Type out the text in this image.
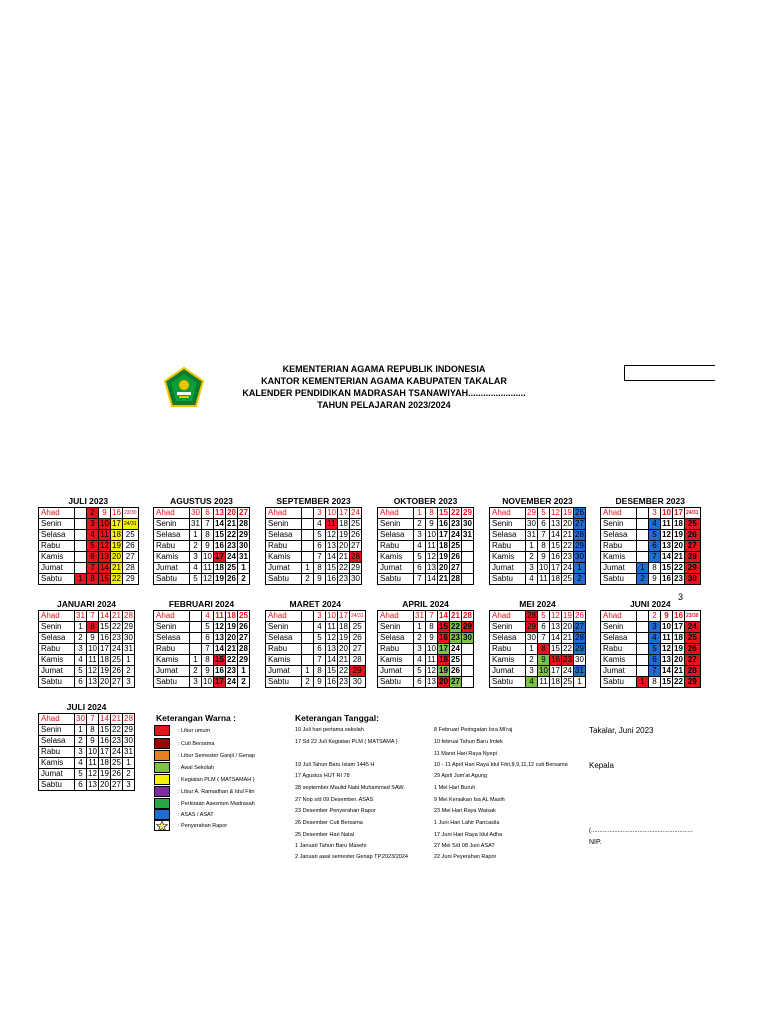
KEMENTERIAN AGAMA REPUBLIK INDONESIA
KANTOR KEMENTERIAN AGAMA KABUPATEN TAKALAR
KALENDER PENDIDIKAN MADRASAH TSANAWIYAH.......................
TAHUN PELAJARAN 2023/2024
JULI 2023
Ahad		2	9	16	23/30
Senin		3	10	17	24/31
Selasa		4	11	18	25
Rabu		5	12	19	26
Kamis		6	13	20	27
Jumat		7	14	21	28
Sabtu	1	8	15	22	29
AGUSTUS 2023
Ahad	30	6	13	20	27
Senin	31	7	14	21	28
Selasa	1	8	15	22	29
Rabu	2	9	16	23	30
Kamis	3	10	17	24	31
Jumat	4	11	18	25	1
Sabtu	5	12	19	26	2
SEPTEMBER 2023
Ahad		3	10	17	24
Senin		4	11	18	25
Selasa		5	12	19	26
Rabu		6	13	20	27
Kamis		7	14	21	28
Jumat	1	8	15	22	29
Sabtu	2	9	16	23	30
OKTOBER 2023
Ahad	1	8	15	22	29
Senin	2	9	16	23	30
Selasa	3	10	17	24	31
Rabu	4	11	18	25	
Kamis	5	12	19	26	
Jumat	6	13	20	27	
Sabtu	7	14	21	28	
NOVEMBER 2023
Ahad	29	5	12	19	26
Senin	30	6	13	20	27
Selasa	31	7	14	21	28
Rabu	1	8	15	22	29
Kamis	2	9	16	23	30
Jumat	3	10	17	24	1
Sabtu	4	11	18	25	2
DESEMBER 2023
Ahad		3	10	17	24/31
Senin		4	11	18	25
Selasa		5	12	19	26
Rabu		6	13	20	27
Kamis		7	14	21	28
Jumat	1	8	15	22	29
Sabtu	2	9	16	23	30
JANUARI 2024
Ahad	31	7	14	21	28
Senin	1	8	15	22	29
Selasa	2	9	16	23	30
Rabu	3	10	17	24	31
Kamis	4	11	18	25	1
Jumat	5	12	19	26	2
Sabtu	6	13	20	27	3
FEBRUARI 2024
Ahad		4	11	18	25
Senin		5	12	19	26
Selasa		6	13	20	27
Rabu		7	14	21	28
Kamis	1	8	15	22	29
Jumat	2	9	16	23	1
Sabtu	3	10	17	24	2
MARET 2024
Ahad		3	10	17	24/31
Senin		4	11	18	25
Selasa		5	12	19	26
Rabu		6	13	20	27
Kamis		7	14	21	28
Jumat	1	8	15	22	29
Sabtu	2	9	16	23	30
APRIL 2024
Ahad	31	7	14	21	28
Senin	1	8	15	22	29
Selasa	2	9	16	23	30
Rabu	3	10	17	24	
Kamis	4	11	18	25	
Jumat	5	12	19	26	
Sabtu	6	13	20	27	
MEI 2024
Ahad	28	5	12	19	26
Senin	29	6	13	20	27
Selasa	30	7	14	21	28
Rabu	1	8	15	22	29
Kamis	2	9	16	23	30
Jumat	3	10	17	24	31
Sabtu	4	11	18	25	1
JUNI 2024
Ahad		2	9	16	23/30
Senin		3	10	17	24
Selasa		4	11	18	25
Rabu		5	12	19	26
Kamis		6	13	20	27
Jumat		7	14	21	28
Sabtu	1	8	15	22	29
JULI 2024
Ahad	30	7	14	21	28
Senin	1	8	15	22	29
Selasa	2	9	16	23	30
Rabu	3	10	17	24	31
Kamis	4	11	18	25	1
Jumat	5	12	19	26	2
Sabtu	6	13	20	27	3
3
Keterangan Warna :
: Libur umum
: Cuti Bersama
: Libur Semester Ganjil / Genap
: Awal Sekolah
: Kegiatan PLM ( MATSAMAH )
: Libur A. Ramadhan & Idul Fitri
: Perkiraan Asesmen Madrasah
: ASAS / ASAT
: Penyerahan Rapor
Keterangan Tanggal:
10 Juli hari pertama sekolah
17 Sd 22 Juli Kegiatan PLM ( MATSAMA )
19 Juli Tahun Baru Islam 1445 H
17 Agustus HUT RI 78
28 september Maulid Nabi Muhammad SAW.
27 Nop s/d 09 Desember. ASAS
23 Desember Penyerahan Rapor
26 Desember Cuti Bersama
25 Desember Hari Natal
1 Januari Tahun Baru Masehi
2 Januari awal semester Genap TP.2023/2024
8 Februari Peringatan Isra Mi'raj
10 februai Tahun Baru Imlek
11 Maret Hari Raya Nyepi
10 - 11 April Hari Raya Idul Fitri,8,9,11,12 cuti Bersama
29 April Jum'at Agung
1 Mei Hari Buruh
9 Mei Kenaikan Isa AL Masih
23 Mei Hari Raya Waisak
1 Juni Hari Lahir Pancasila
17 Juni Hari Raya Idul Adha
27 Mei S/d 08 Juni ASAT
22 Juni Peyerahan Rapor
Takalar, Juni 2023
Kepala
(.............................................................
NIP.
